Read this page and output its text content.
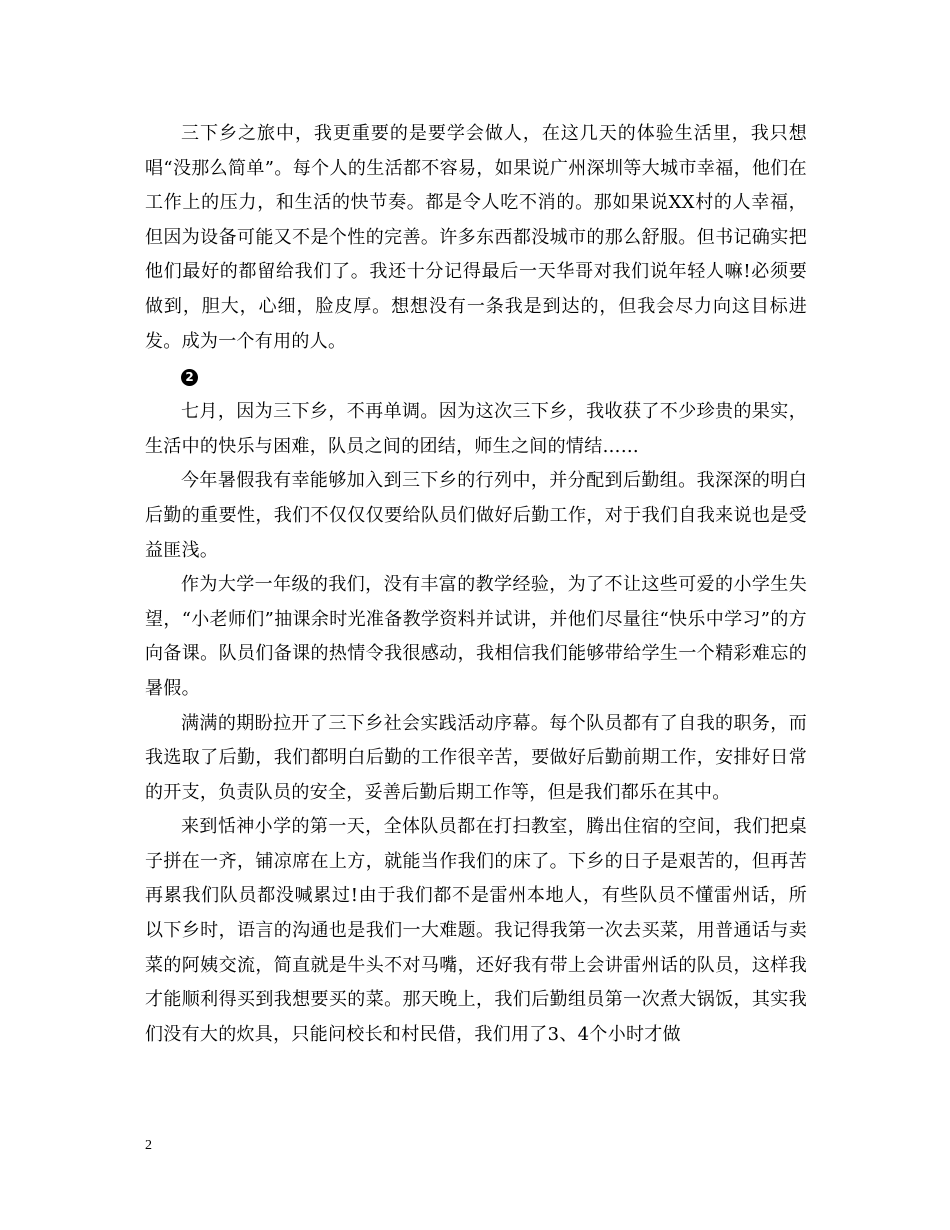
三下乡之旅中，我更重要的是要学会做人，在这几天的体验生活里，我只想唱“没那么简单”。每个人的生活都不容易，如果说广州深圳等大城市幸福，他们在工作上的压力，和生活的快节奏。都是令人吃不消的。那如果说XX村的人幸福，但因为设备可能又不是个性的完善。许多东西都没城市的那么舒服。但书记确实把他们最好的都留给我们了。我还十分记得最后一天华哥对我们说年轻人嘛!必须要做到，胆大，心细，脸皮厚。想想没有一条我是到达的，但我会尽力向这目标进发。成为一个有用的人。

2

七月，因为三下乡，不再单调。因为这次三下乡，我收获了不少珍贵的果实，生活中的快乐与困难，队员之间的团结，师生之间的情结……

今年暑假我有幸能够加入到三下乡的行列中，并分配到后勤组。我深深的明白后勤的重要性，我们不仅仅仅要给队员们做好后勤工作，对于我们自我来说也是受益匪浅。

作为大学一年级的我们，没有丰富的教学经验，为了不让这些可爱的小学生失望，“小老师们”抽课余时光准备教学资料并试讲，并他们尽量往“快乐中学习”的方向备课。队员们备课的热情令我很感动，我相信我们能够带给学生一个精彩难忘的暑假。

满满的期盼拉开了三下乡社会实践活动序幕。每个队员都有了自我的职务，而我选取了后勤，我们都明白后勤的工作很辛苦，要做好后勤前期工作，安排好日常的开支，负责队员的安全，妥善后勤后期工作等，但是我们都乐在其中。

来到恬神小学的第一天，全体队员都在打扫教室，腾出住宿的空间，我们把桌子拼在一齐，铺凉席在上方，就能当作我们的床了。下乡的日子是艰苦的，但再苦再累我们队员都没喊累过!由于我们都不是雷州本地人，有些队员不懂雷州话，所以下乡时，语言的沟通也是我们一大难题。我记得我第一次去买菜，用普通话与卖菜的阿姨交流，简直就是牛头不对马嘴，还好我有带上会讲雷州话的队员，这样我才能顺利得买到我想要买的菜。那天晚上，我们后勤组员第一次煮大锅饭，其实我们没有大的炊具，只能问校长和村民借，我们用了3、4个小时才做

2
